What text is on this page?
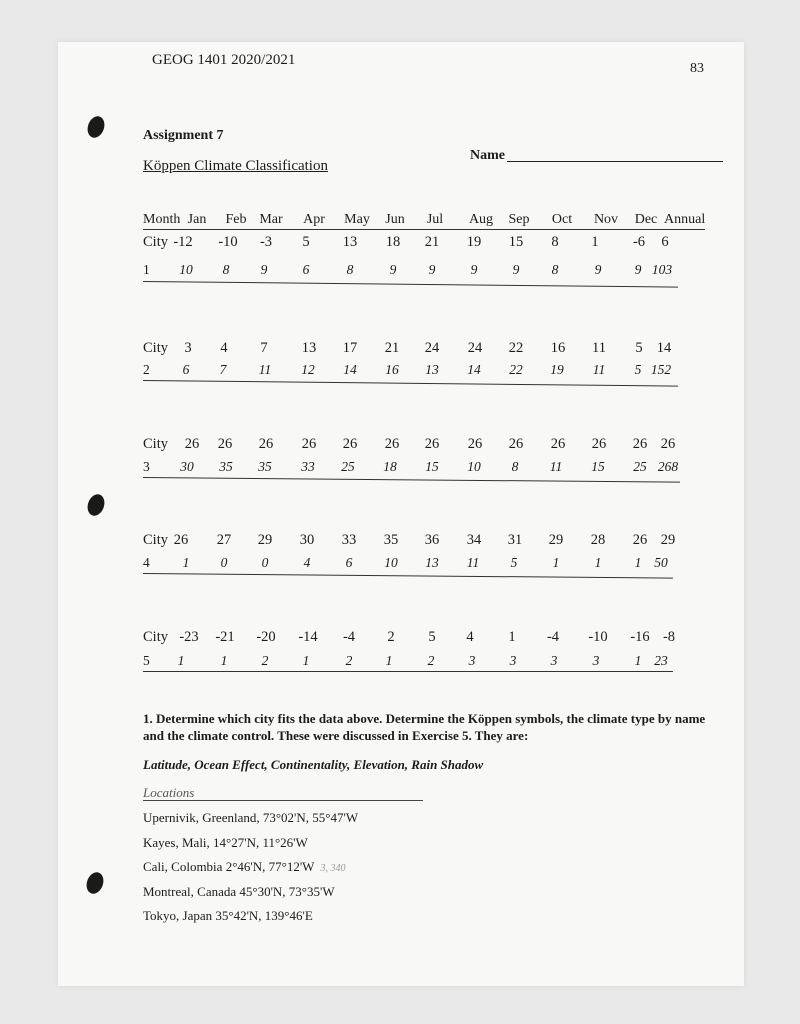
GEOG 1401 2020/2021
83
Assignment 7
Köppen Climate Classification
Name
Month Jan Feb Mar Apr May Jun Jul Aug Sep Oct Nov Dec Annual
City -12 -10 -3 5 13 18 21 19 15 8 1 -6 6
1 10 8 9	6	8	9 9	9	9 8	9 9 103
City 3 4 7 13 17 21 24 24 22 16 11 5 14
2 6 7 11 12 14 16 13 14 22 19 11 5 152
City 26 26 26 26 26 26 26 26 26 26 26 26 26
3 30 35 35 33 25 18 15 10 8 11 15 25 268
City 26 27 29 30 33 35 36 34 31 29 28 26 29
4 1 0	0	4	6 10 13 11 5	1	1 1 50
City -23 -21 -20 -14 -4 2 5 4 1 -4 -10 -16 -8
5 1	1	2	1	2 1	2	3	3	3	3	1 23
1. Determine which city fits the data above. Determine the Köppen symbols, the climate type by name and the climate control. These were discussed in Exercise 5. They are:
Latitude, Ocean Effect, Continentality, Elevation, Rain Shadow
Locations
Upernivik, Greenland, 73°02'N, 55°47'W
Kayes, Mali, 14°27'N, 11°26'W
Cali, Colombia 2°46'N, 77°12'W 3, 340
Montreal, Canada 45°30'N, 73°35'W
Tokyo, Japan 35°42'N, 139°46'E
